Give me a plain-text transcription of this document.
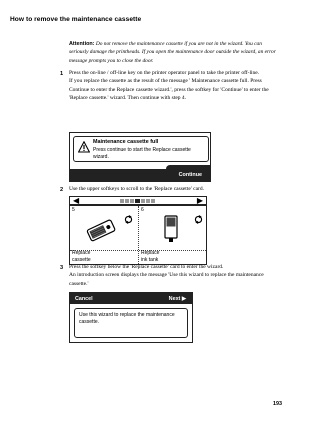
How to remove the maintenance cassette
Attention: Do not remove the maintenance cassette if you are not in the wizard. You can seriously damage the printheads. If you open the maintenance door outside the wizard, an error message prompts you to close the door.
1 Press the on-line / off-line key on the printer operator panel to take the printer off-line.

If you replace the cassette as the result of the message ' Maintenance cassette full. Press Continue to enter the Replace cassette wizard.', press the softkey for 'Continue' to enter the 'Replace cassette.' wizard. Then continue with step 4.

Maintenance cassette full
Press continue to start the Replace cassette wizard.
Continue
2 Use the upper softkeys to scroll to the 'Replace cassette' card.

◀	▶
5
Replace
cassette
6
Replace
ink tank
3 Press the softkey below the 'Replace cassette' card to enter the wizard.

An introduction screen displays the message 'Use this wizard to replace the maintenance cassette.'

Cancel	Next ▶
Use this wizard to replace the maintenance cassette.
193
